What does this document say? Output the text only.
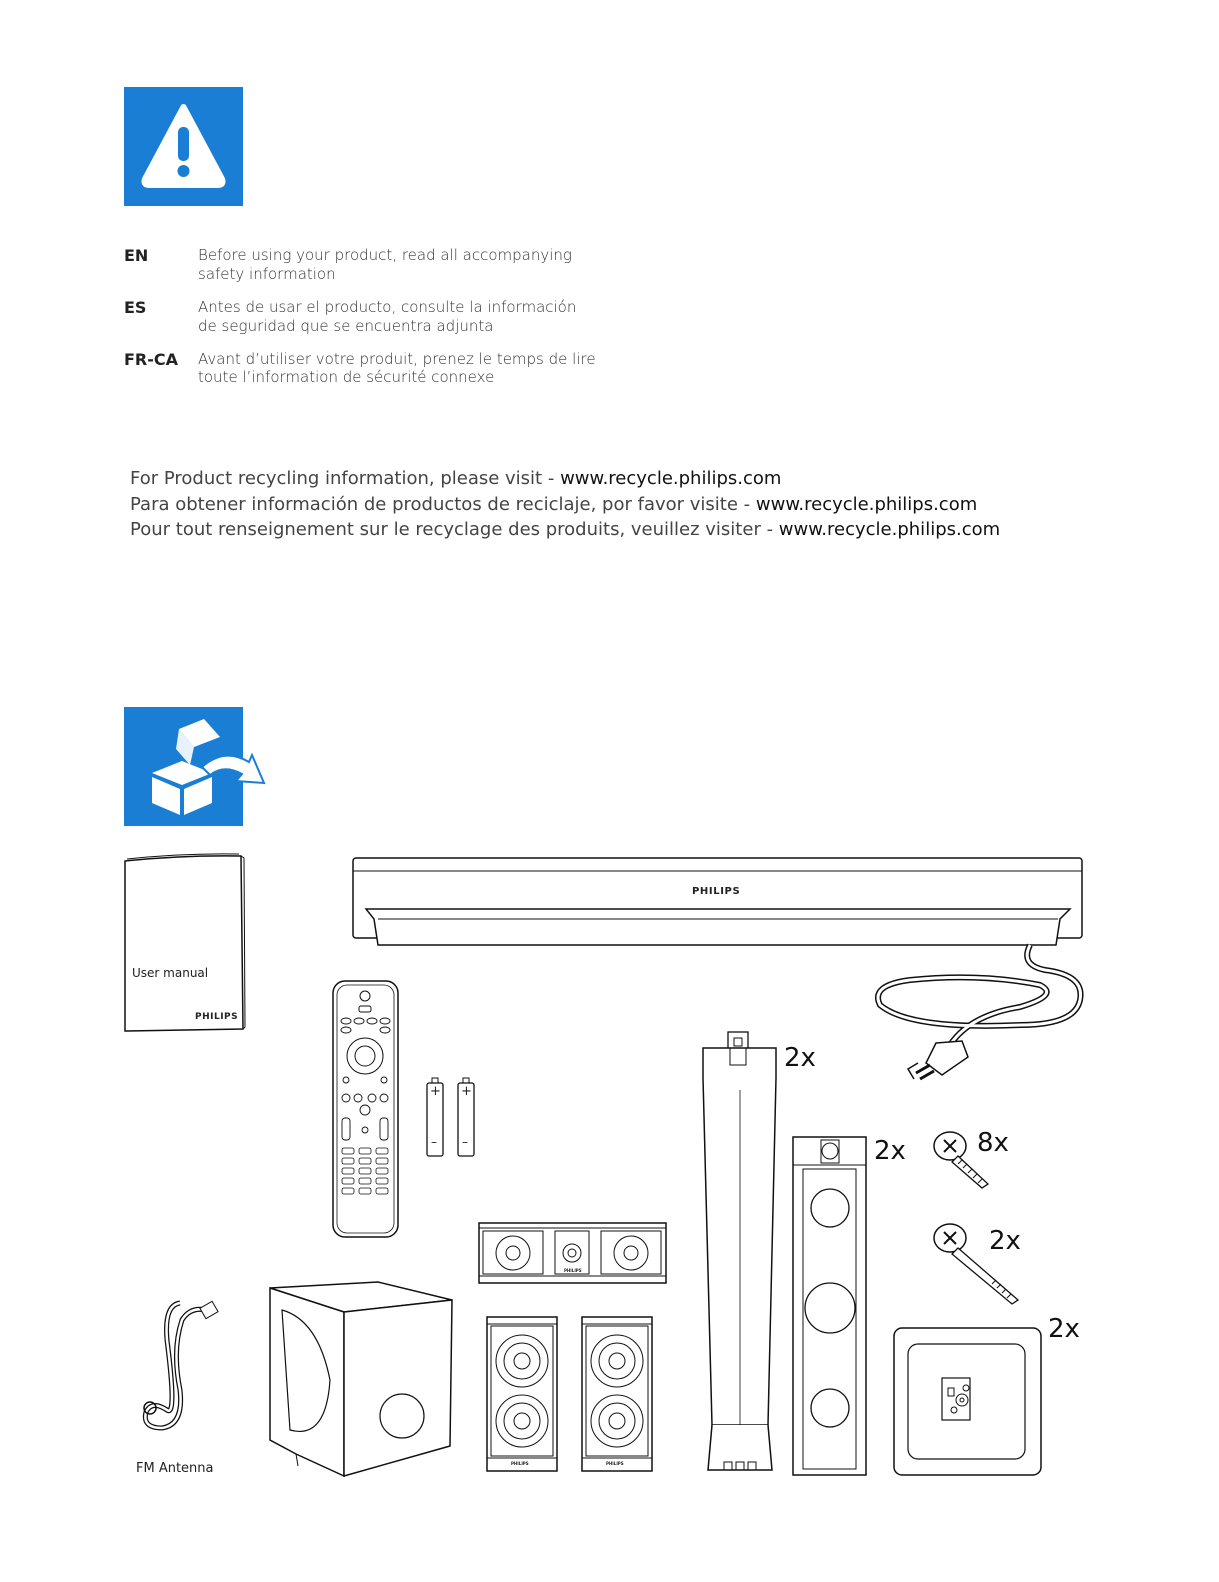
EN	Before using your product, read all accompanying
safety information
ES	Antes de usar el producto, consulte la información
de seguridad que se encuentra adjunta
FR-CA Avant d’utiliser votre produit, prenez le temps de lire
toute l’information de sécurité connexe
For Product recycling information, please visit - www.recycle.philips.com
Para obtener información de productos de reciclaje, por favor visite - www.recycle.philips.com
Pour tout renseignement sur le recyclage des produits, veuillez visiter - www.recycle.philips.com
User manual
PHILIPS
PHILIPS
+ +
– –
PHILIPS
PHILIPS	PHILIPS
FM Antenna
2x
2x	8x
2x
2x
